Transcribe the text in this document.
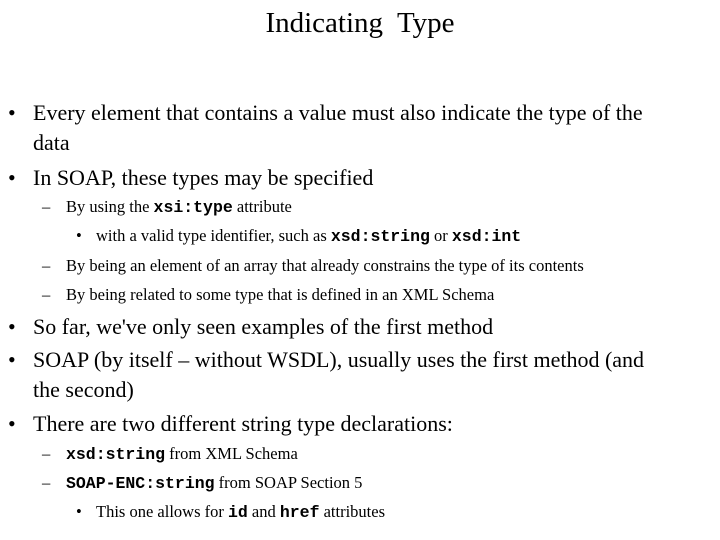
Indicating  Type
• Every element that contains a value must also indicate the type of the
data
• In SOAP, these types may be specified
– By using the xsi:type attribute
• with a valid type identifier, such as xsd:string or xsd:int
– By being an element of an array that already constrains the type of its contents
– By being related to some type that is defined in an XML Schema
• So far, we've only seen examples of the first method
• SOAP (by itself – without WSDL), usually uses the first method (and
the second)
• There are two different string type declarations:
– xsd:string from XML Schema
– SOAP-ENC:string from SOAP Section 5
• This one allows for id and href attributes
